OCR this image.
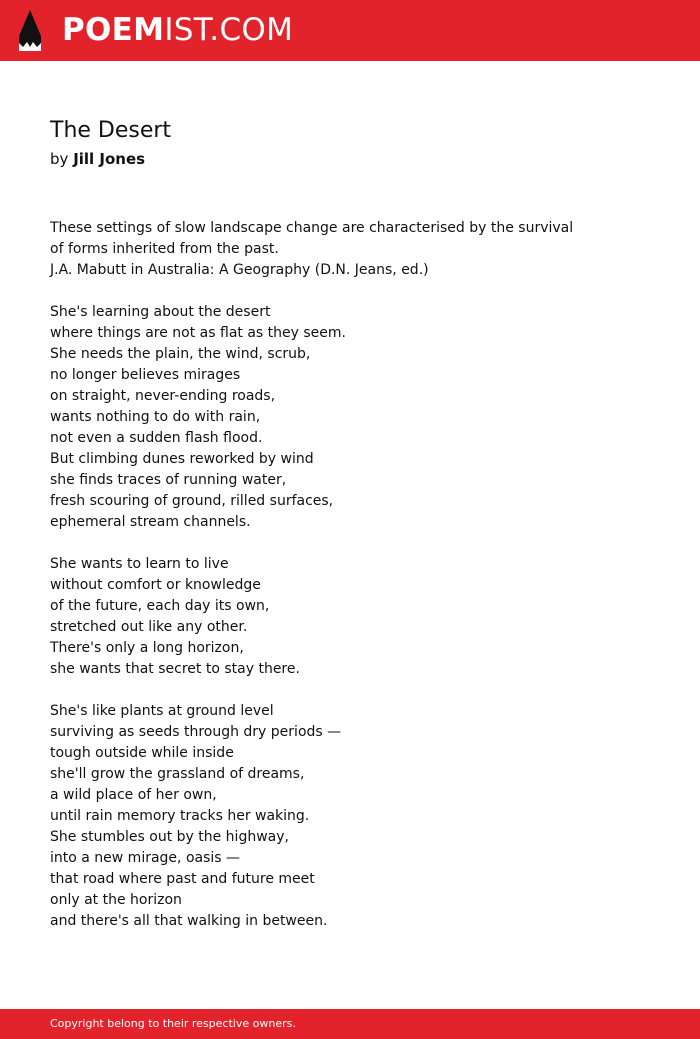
POEMIST.COM
The Desert
by Jill Jones
These settings of slow landscape change are characterised by the survival
of forms inherited from the past.
J.A. Mabutt in Australia: A Geography (D.N. Jeans, ed.)
She's learning about the desert
where things are not as flat as they seem.
She needs the plain, the wind, scrub,
no longer believes mirages
on straight, never-ending roads,
wants nothing to do with rain,
not even a sudden flash flood.
But climbing dunes reworked by wind
she finds traces of running water,
fresh scouring of ground, rilled surfaces,
ephemeral stream channels.
She wants to learn to live
without comfort or knowledge
of the future, each day its own,
stretched out like any other.
There's only a long horizon,
she wants that secret to stay there.
She's like plants at ground level
surviving as seeds through dry periods —
tough outside while inside
she'll grow the grassland of dreams,
a wild place of her own,
until rain memory tracks her waking.
She stumbles out by the highway,
into a new mirage, oasis —
that road where past and future meet
only at the horizon
and there's all that walking in between.
Copyright belong to their respective owners.
